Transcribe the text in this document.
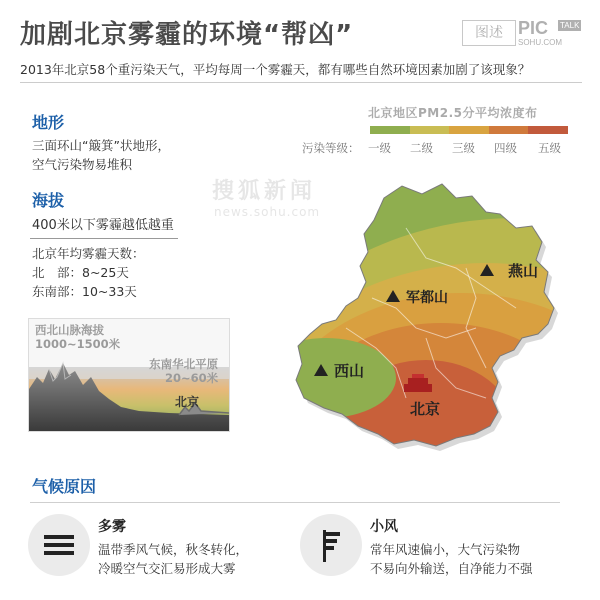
加剧北京雾霾的环境“帮凶”	图述 PIC TALK
SOHU.COM
2013年北京58个重污染天气，平均每周一个雾霾天，都有哪些自然环境因素加剧了该现象？
地形
三面环山“簸箕”状地形，
空气污染物易堆积
海拔
400米以下雾霾越低越重
北京年均雾霾天数：
北　部：8~25天
东南部：10~33天
西北山脉海拔
1000~1500米
东南华北平原
20~60米
北京
北京地区PM2.5分平均浓度布
污染等级： 一级 二级 三级 四级 五级
搜狐新闻
news.sohu.com
燕山
军都山
西山
北京
气候原因
多雾
温带季风气候，秋冬转化，
冷暖空气交汇易形成大雾
小风
常年风速偏小，大气污染物
不易向外输送，自净能力不强
